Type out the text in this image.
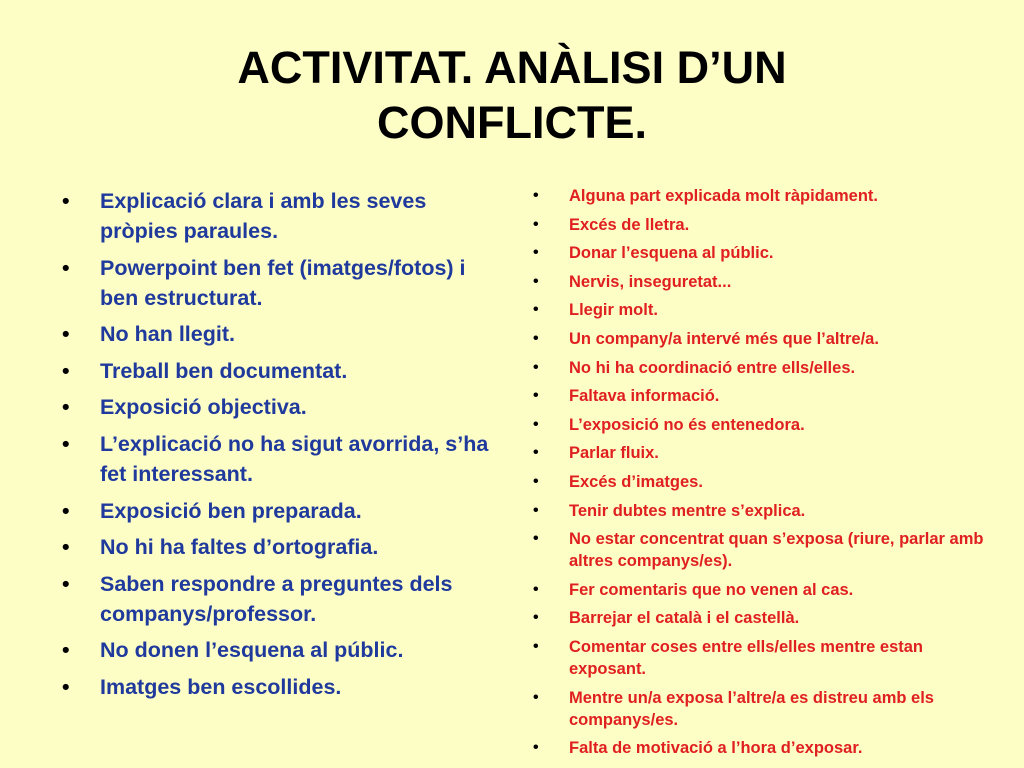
ACTIVITAT. ANÀLISI D’UN
CONFLICTE.
• Explicació clara i amb les seves pròpies paraules.
• Powerpoint ben fet (imatges/fotos) i ben estructurat.
• No han llegit.
• Treball ben documentat.
• Exposició objectiva.
• L’explicació no ha sigut avorrida, s’ha fet interessant.
• Exposició ben preparada.
• No hi ha faltes d’ortografia.
• Saben respondre a preguntes dels companys/professor.
• No donen l’esquena al públic.
• Imatges ben escollides.
• Alguna part explicada molt ràpidament.
• Excés de lletra.
• Donar l’esquena al públic.
• Nervis, inseguretat...
• Llegir molt.
• Un company/a intervé més que l’altre/a.
• No hi ha coordinació entre ells/elles.
• Faltava informació.
• L’exposició no és entenedora.
• Parlar fluix.
• Excés d’imatges.
• Tenir dubtes mentre s’explica.
• No estar concentrat quan s’exposa (riure, parlar amb altres companys/es).
• Fer comentaris que no venen al cas.
• Barrejar el català i el castellà.
• Comentar coses entre ells/elles mentre estan exposant.
• Mentre un/a exposa l’altre/a es distreu amb els companys/es.
• Falta de motivació a l’hora d’exposar.
